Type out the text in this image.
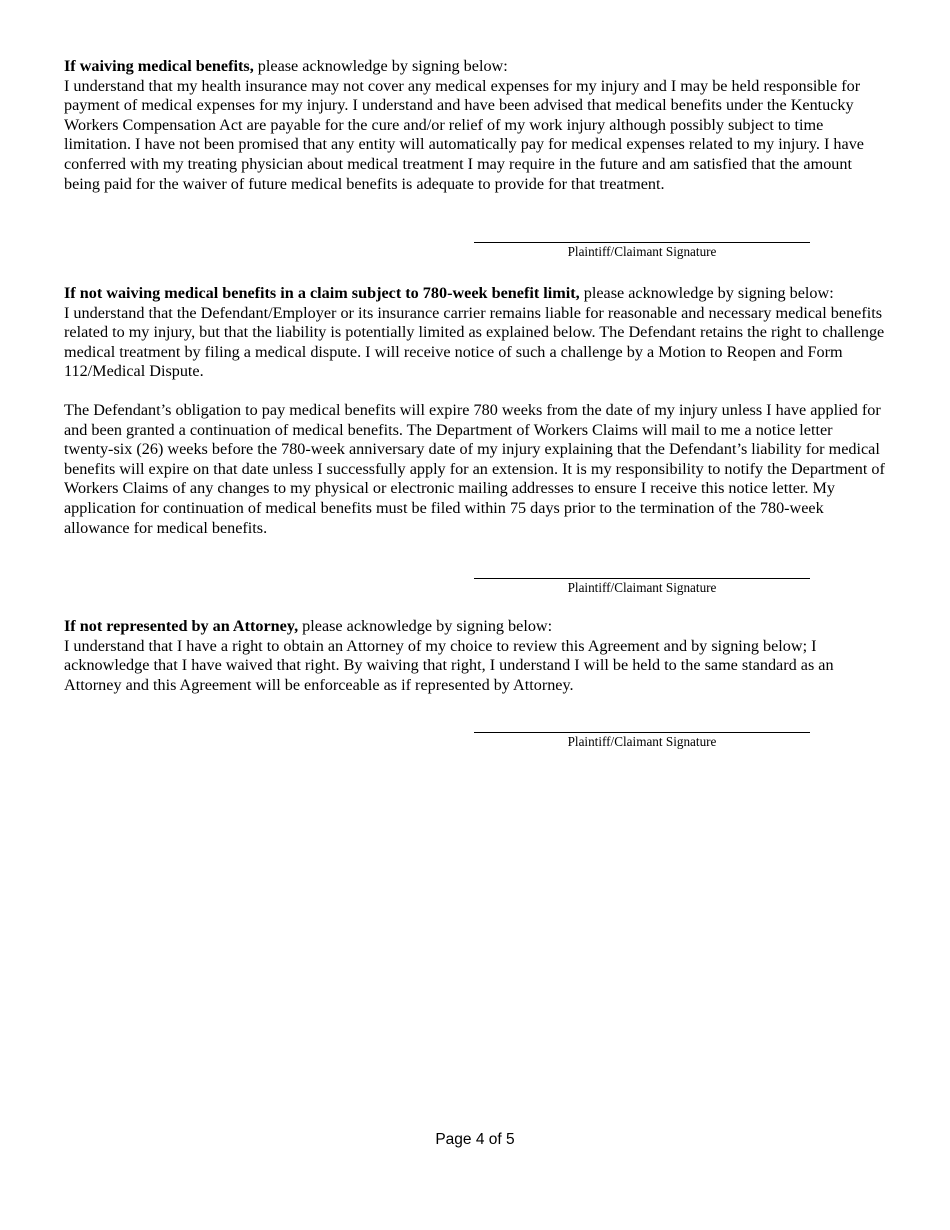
If waiving medical benefits, please acknowledge by signing below:

I understand that my health insurance may not cover any medical expenses for my injury and I may be held responsible for payment of medical expenses for my injury. I understand and have been advised that medical benefits under the Kentucky Workers Compensation Act are payable for the cure and/or relief of my work injury although possibly subject to time limitation. I have not been promised that any entity will automatically pay for medical expenses related to my injury. I have conferred with my treating physician about medical treatment I may require in the future and am satisfied that the amount being paid for the waiver of future medical benefits is adequate to provide for that treatment.

Plaintiff/Claimant Signature

If not waiving medical benefits in a claim subject to 780-week benefit limit, please acknowledge by signing below:

I understand that the Defendant/Employer or its insurance carrier remains liable for reasonable and necessary medical benefits related to my injury, but that the liability is potentially limited as explained below. The Defendant retains the right to challenge medical treatment by filing a medical dispute. I will receive notice of such a challenge by a Motion to Reopen and Form 112/Medical Dispute.

The Defendant’s obligation to pay medical benefits will expire 780 weeks from the date of my injury unless I have applied for and been granted a continuation of medical benefits. The Department of Workers Claims will mail to me a notice letter twenty-six (26) weeks before the 780-week anniversary date of my injury explaining that the Defendant’s liability for medical benefits will expire on that date unless I successfully apply for an extension. It is my responsibility to notify the Department of Workers Claims of any changes to my physical or electronic mailing addresses to ensure I receive this notice letter. My application for continuation of medical benefits must be filed within 75 days prior to the termination of the 780-week allowance for medical benefits.

Plaintiff/Claimant Signature

If not represented by an Attorney, please acknowledge by signing below:

I understand that I have a right to obtain an Attorney of my choice to review this Agreement and by signing below; I acknowledge that I have waived that right. By waiving that right, I understand I will be held to the same standard as an Attorney and this Agreement will be enforceable as if represented by Attorney.

Plaintiff/Claimant Signature
Page 4 of 5
